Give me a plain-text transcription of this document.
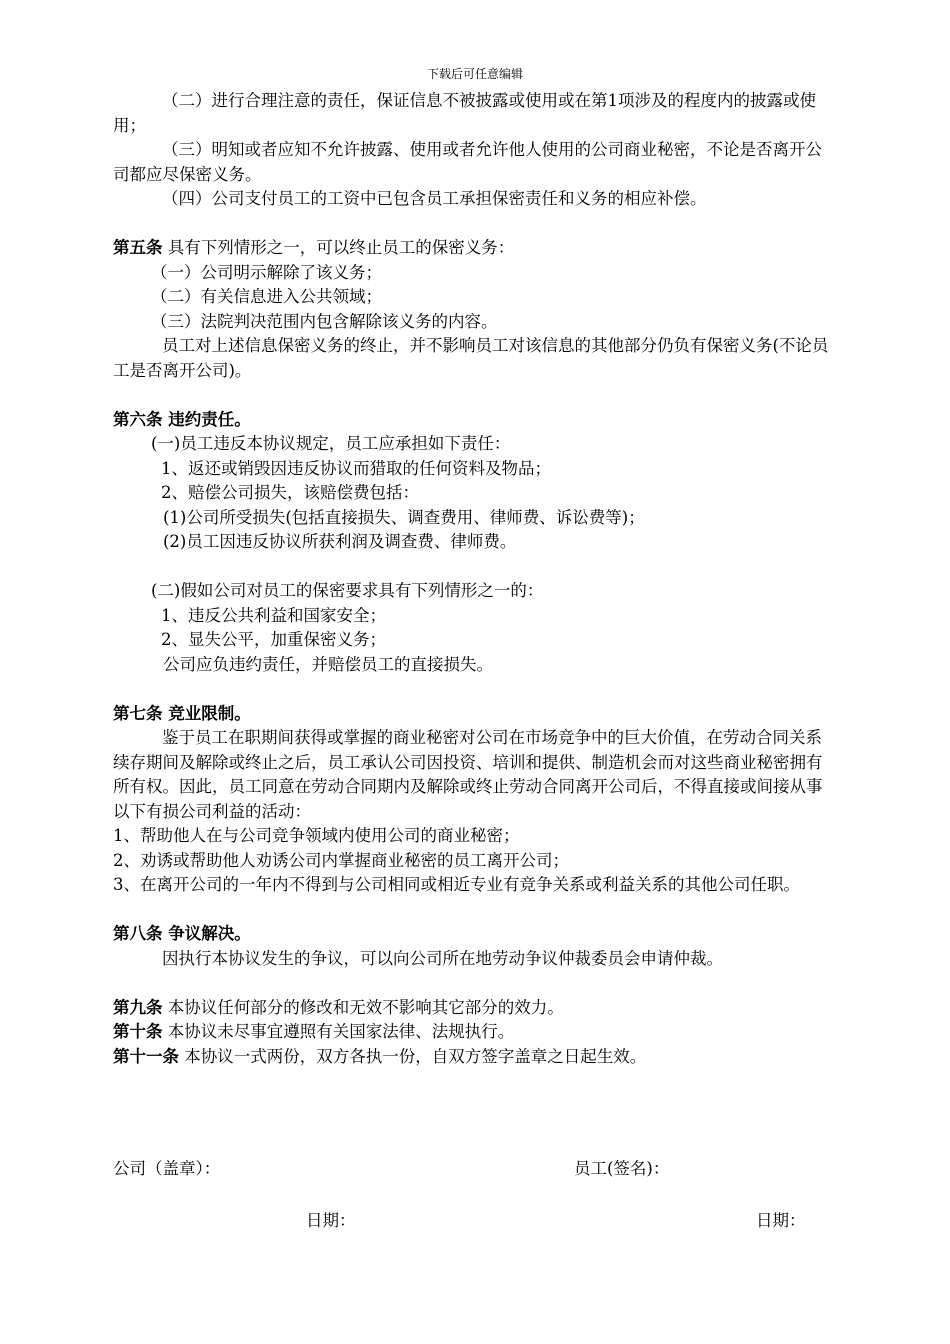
下载后可任意编辑

（二）进行合理注意的责任，保证信息不被披露或使用或在第1项涉及的程度内的披露或使用；

（三）明知或者应知不允许披露、使用或者允许他人使用的公司商业秘密，不论是否离开公司都应尽保密义务。

（四）公司支付员工的工资中已包含员工承担保密责任和义务的相应补偿。

第五条 具有下列情形之一，可以终止员工的保密义务：

（一）公司明示解除了该义务；

（二）有关信息进入公共领域；

（三）法院判决范围内包含解除该义务的内容。

员工对上述信息保密义务的终止，并不影响员工对该信息的其他部分仍负有保密义务(不论员工是否离开公司)。

第六条 违约责任。

(一)员工违反本协议规定，员工应承担如下责任：

1、返还或销毁因违反协议而猎取的任何资料及物品；

2、赔偿公司损失，该赔偿费包括：

(1)公司所受损失(包括直接损失、调查费用、律师费、诉讼费等)；

(2)员工因违反协议所获利润及调查费、律师费。

(二)假如公司对员工的保密要求具有下列情形之一的：

1、违反公共利益和国家安全；

2、显失公平，加重保密义务；

公司应负违约责任，并赔偿员工的直接损失。

第七条 竞业限制。

鉴于员工在职期间获得或掌握的商业秘密对公司在市场竞争中的巨大价值，在劳动合同关系续存期间及解除或终止之后，员工承认公司因投资、培训和提供、制造机会而对这些商业秘密拥有所有权。因此，员工同意在劳动合同期内及解除或终止劳动合同离开公司后，不得直接或间接从事以下有损公司利益的活动：

1、帮助他人在与公司竞争领域内使用公司的商业秘密；

2、劝诱或帮助他人劝诱公司内掌握商业秘密的员工离开公司；

3、在离开公司的一年内不得到与公司相同或相近专业有竞争关系或利益关系的其他公司任职。

第八条 争议解决。

因执行本协议发生的争议，可以向公司所在地劳动争议仲裁委员会申请仲裁。

第九条 本协议任何部分的修改和无效不影响其它部分的效力。

第十条 本协议未尽事宜遵照有关国家法律、法规执行。

第十一条 本协议一式两份，双方各执一份，自双方签字盖章之日起生效。

公司（盖章）：	员工(签名)：
日期：	日期：
